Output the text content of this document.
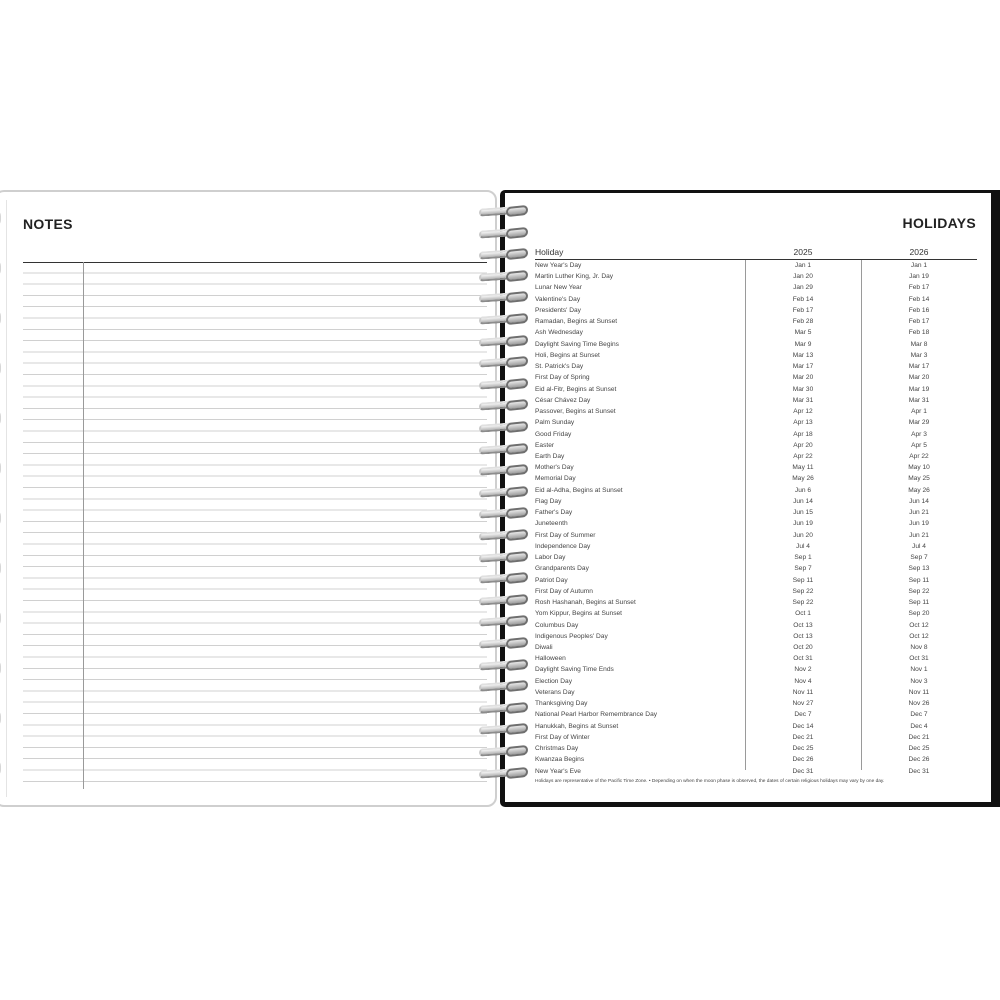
NOTES	HOLIDAYS
Holiday	2025	2026
New Year's Day	Jan 1	Jan 1
Martin Luther King, Jr. Day	Jan 20	Jan 19
Lunar New Year	Jan 29	Feb 17
Valentine's Day	Feb 14	Feb 14
Presidents' Day	Feb 17	Feb 16
Ramadan, Begins at Sunset	Feb 28	Feb 17
Ash Wednesday	Mar 5	Feb 18
Daylight Saving Time Begins	Mar 9	Mar 8
Holi, Begins at Sunset	Mar 13	Mar 3
St. Patrick's Day	Mar 17	Mar 17
First Day of Spring	Mar 20	Mar 20
Eid al-Fitr, Begins at Sunset	Mar 30	Mar 19
César Chávez Day	Mar 31	Mar 31
Passover, Begins at Sunset	Apr 12	Apr 1
Palm Sunday	Apr 13	Mar 29
Good Friday	Apr 18	Apr 3
Easter	Apr 20	Apr 5
Earth Day	Apr 22	Apr 22
Mother's Day	May 11	May 10
Memorial Day	May 26	May 25
Eid al-Adha, Begins at Sunset	Jun 6	May 26
Flag Day	Jun 14	Jun 14
Father's Day	Jun 15	Jun 21
Juneteenth	Jun 19	Jun 19
First Day of Summer	Jun 20	Jun 21
Independence Day	Jul 4	Jul 4
Labor Day	Sep 1	Sep 7
Grandparents Day	Sep 7	Sep 13
Patriot Day	Sep 11	Sep 11
First Day of Autumn	Sep 22	Sep 22
Rosh Hashanah, Begins at Sunset	Sep 22	Sep 11
Yom Kippur, Begins at Sunset	Oct 1	Sep 20
Columbus Day	Oct 13	Oct 12
Indigenous Peoples' Day	Oct 13	Oct 12
Diwali	Oct 20	Nov 8
Halloween	Oct 31	Oct 31
Daylight Saving Time Ends	Nov 2	Nov 1
Election Day	Nov 4	Nov 3
Veterans Day	Nov 11	Nov 11
Thanksgiving Day	Nov 27	Nov 26
National Pearl Harbor Remembrance Day	Dec 7	Dec 7
Hanukkah, Begins at Sunset	Dec 14	Dec 4
First Day of Winter	Dec 21	Dec 21
Christmas Day	Dec 25	Dec 25
Kwanzaa Begins	Dec 26	Dec 26
New Year's Eve	Dec 31	Dec 31
Holidays are representative of the Pacific Time Zone. • Depending on when the moon phase is observed, the dates of certain religious holidays may vary by one day.
